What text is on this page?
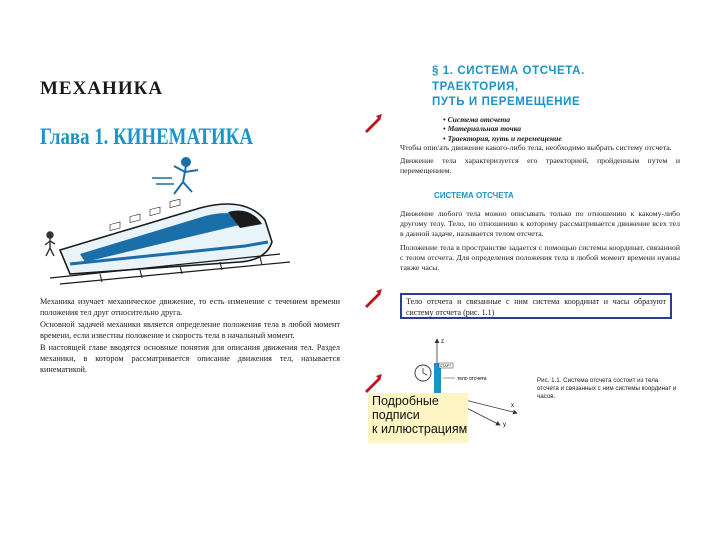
МЕХАНИКА
Глава 1. КИНЕМАТИКА

Механика изучает механическое движение, то есть изменение с течением времени положения тел друг относительно друга.

Основной задачей механики является определение положения тела в любой момент времени, если известны положение и скорость тела в начальный момент.

В настоящей главе вводятся основные понятия для описания движения тел. Раздел механики, в котором рассматривается описание движения тел, называется кинематикой.

§ 1. СИСТЕМА ОТСЧЕТА.
ТРАЕКТОРИЯ,
ПУТЬ И ПЕРЕМЕЩЕНИЕ
• Система отсчета
• Материальная точка
• Траектория, путь и перемещение

Чтобы описать движение какого-либо тела, необходимо выбрать систему отсчета.

Движение тела характеризуется его траекторией, пройденным путем и перемещением.

СИСТЕМА ОТСЧЕТА

Движение любого тела можно описывать только по отношению к какому-либо другому телу. Тело, по отношению к которому рассматривается движение всех тел в данной задаче, называется телом отсчета.

Положение тела в пространстве задается с помощью системы координат, связанной с телом отсчета. Для определения положения тела в любой момент времени нужны также часы.

Тело отсчета и связанные с ним система координат и часы образуют систему отсчета (рис. 1.1)
z
x
y
СТАРТ
тело отсчета	Рис. 1.1. Система отсчета состоит из тела отсчета и связанных с ним системы координат и часов.
Подробные
подписи
к иллюстрациям
